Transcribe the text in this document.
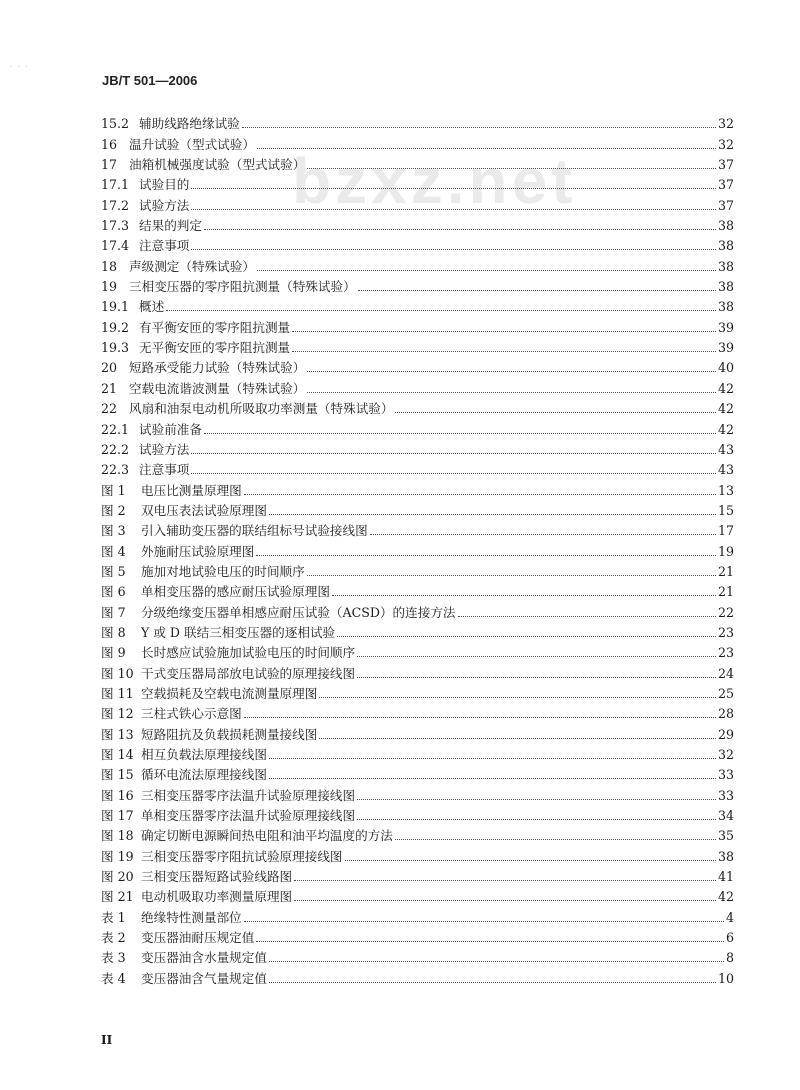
· · ·
JB/T 501—2006
bzxz.net
15.2 辅助线路绝缘试验	32
16 温升试验（型式试验）	32
17 油箱机械强度试验（型式试验）	37
17.1 试验目的	37
17.2 试验方法	37
17.3 结果的判定	38
17.4 注意事项	38
18 声级测定（特殊试验）	38
19 三相变压器的零序阻抗测量（特殊试验）	38
19.1 概述	38
19.2 有平衡安匝的零序阻抗测量	39
19.3 无平衡安匝的零序阻抗测量	39
20 短路承受能力试验（特殊试验）	40
21 空载电流谐波测量（特殊试验）	42
22 风扇和油泵电动机所吸取功率测量（特殊试验）	42
22.1 试验前准备	42
22.2 试验方法	43
22.3 注意事项	43
图 1	电压比测量原理图	13
图 2	双电压表法试验原理图	15
图 3	引入辅助变压器的联结组标号试验接线图	17
图 4	外施耐压试验原理图	19
图 5	施加对地试验电压的时间顺序	21
图 6	单相变压器的感应耐压试验原理图	21
图 7	分级绝缘变压器单相感应耐压试验（ACSD）的连接方法	22
图 8	Y 或 D 联结三相变压器的逐相试验	23
图 9	长时感应试验施加试验电压的时间顺序	23
图 10 干式变压器局部放电试验的原理接线图	24
图 11 空载损耗及空载电流测量原理图	25
图 12 三柱式铁心示意图	28
图 13 短路阻抗及负载损耗测量接线图	29
图 14 相互负载法原理接线图	32
图 15 循环电流法原理接线图	33
图 16 三相变压器零序法温升试验原理接线图	33
图 17 单相变压器零序法温升试验原理接线图	34
图 18 确定切断电源瞬间热电阻和油平均温度的方法	35
图 19 三相变压器零序阻抗试验原理接线图	38
图 20 三相变压器短路试验线路图	41
图 21 电动机吸取功率测量原理图	42
表 1	绝缘特性测量部位	4
表 2	变压器油耐压规定值	6
表 3	变压器油含水量规定值	8
表 4	变压器油含气量规定值	10
II
